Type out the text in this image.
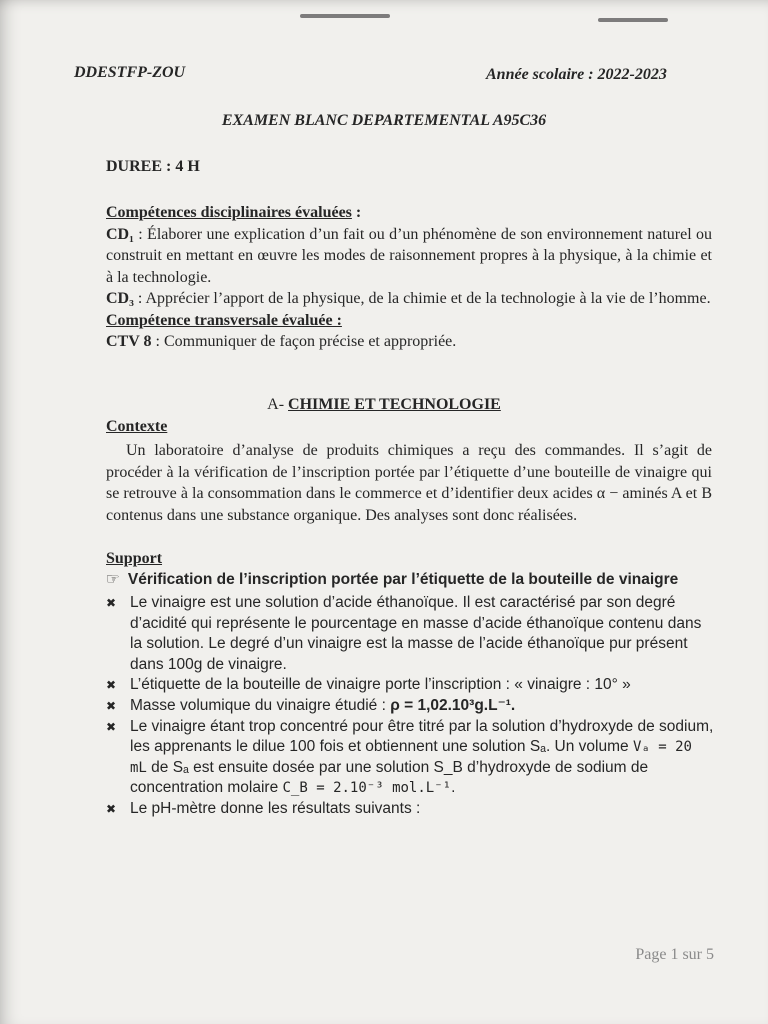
DDESTFP-ZOU	Année scolaire : 2022-2023
EXAMEN BLANC DEPARTEMENTAL A95C36
DUREE : 4 H
Compétences disciplinaires évaluées :
CD₁ : Élaborer une explication d’un fait ou d’un phénomène de son environnement naturel ou construit en mettant en œuvre les modes de raisonnement propres à la physique, à la chimie et à la technologie.
CD₃ : Apprécier l’apport de la physique, de la chimie et de la technologie à la vie de l’homme.
Compétence transversale évaluée :
CTV 8 : Communiquer de façon précise et appropriée.
A- CHIMIE ET TECHNOLOGIE
Contexte
Un laboratoire d’analyse de produits chimiques a reçu des commandes. Il s’agit de procéder à la vérification de l’inscription portée par l’étiquette d’une bouteille de vinaigre qui se retrouve à la consommation dans le commerce et d’identifier deux acides α − aminés A et B contenus dans une substance organique. Des analyses sont donc réalisées.
Support
☞ Vérification de l’inscription portée par l’étiquette de la bouteille de vinaigre
✖ Le vinaigre est une solution d’acide éthanoïque. Il est caractérisé par son degré d’acidité qui représente le pourcentage en masse d’acide éthanoïque contenu dans la solution. Le degré d’un vinaigre est la masse de l’acide éthanoïque pur présent dans 100g de vinaigre.
✖ L’étiquette de la bouteille de vinaigre porte l’inscription : « vinaigre : 10° »
✖ Masse volumique du vinaigre étudié : ρ = 1,02.10³g.L⁻¹.
✖ Le vinaigre étant trop concentré pour être titré par la solution d’hydroxyde de sodium, les apprenants le dilue 100 fois et obtiennent une solution Sₐ. Un volume Vₐ = 20 mL de Sₐ est ensuite dosée par une solution S_B d’hydroxyde de sodium de concentration molaire C_B = 2.10⁻³ mol.L⁻¹.
✖ Le pH-mètre donne les résultats suivants :
Page 1 sur 5
